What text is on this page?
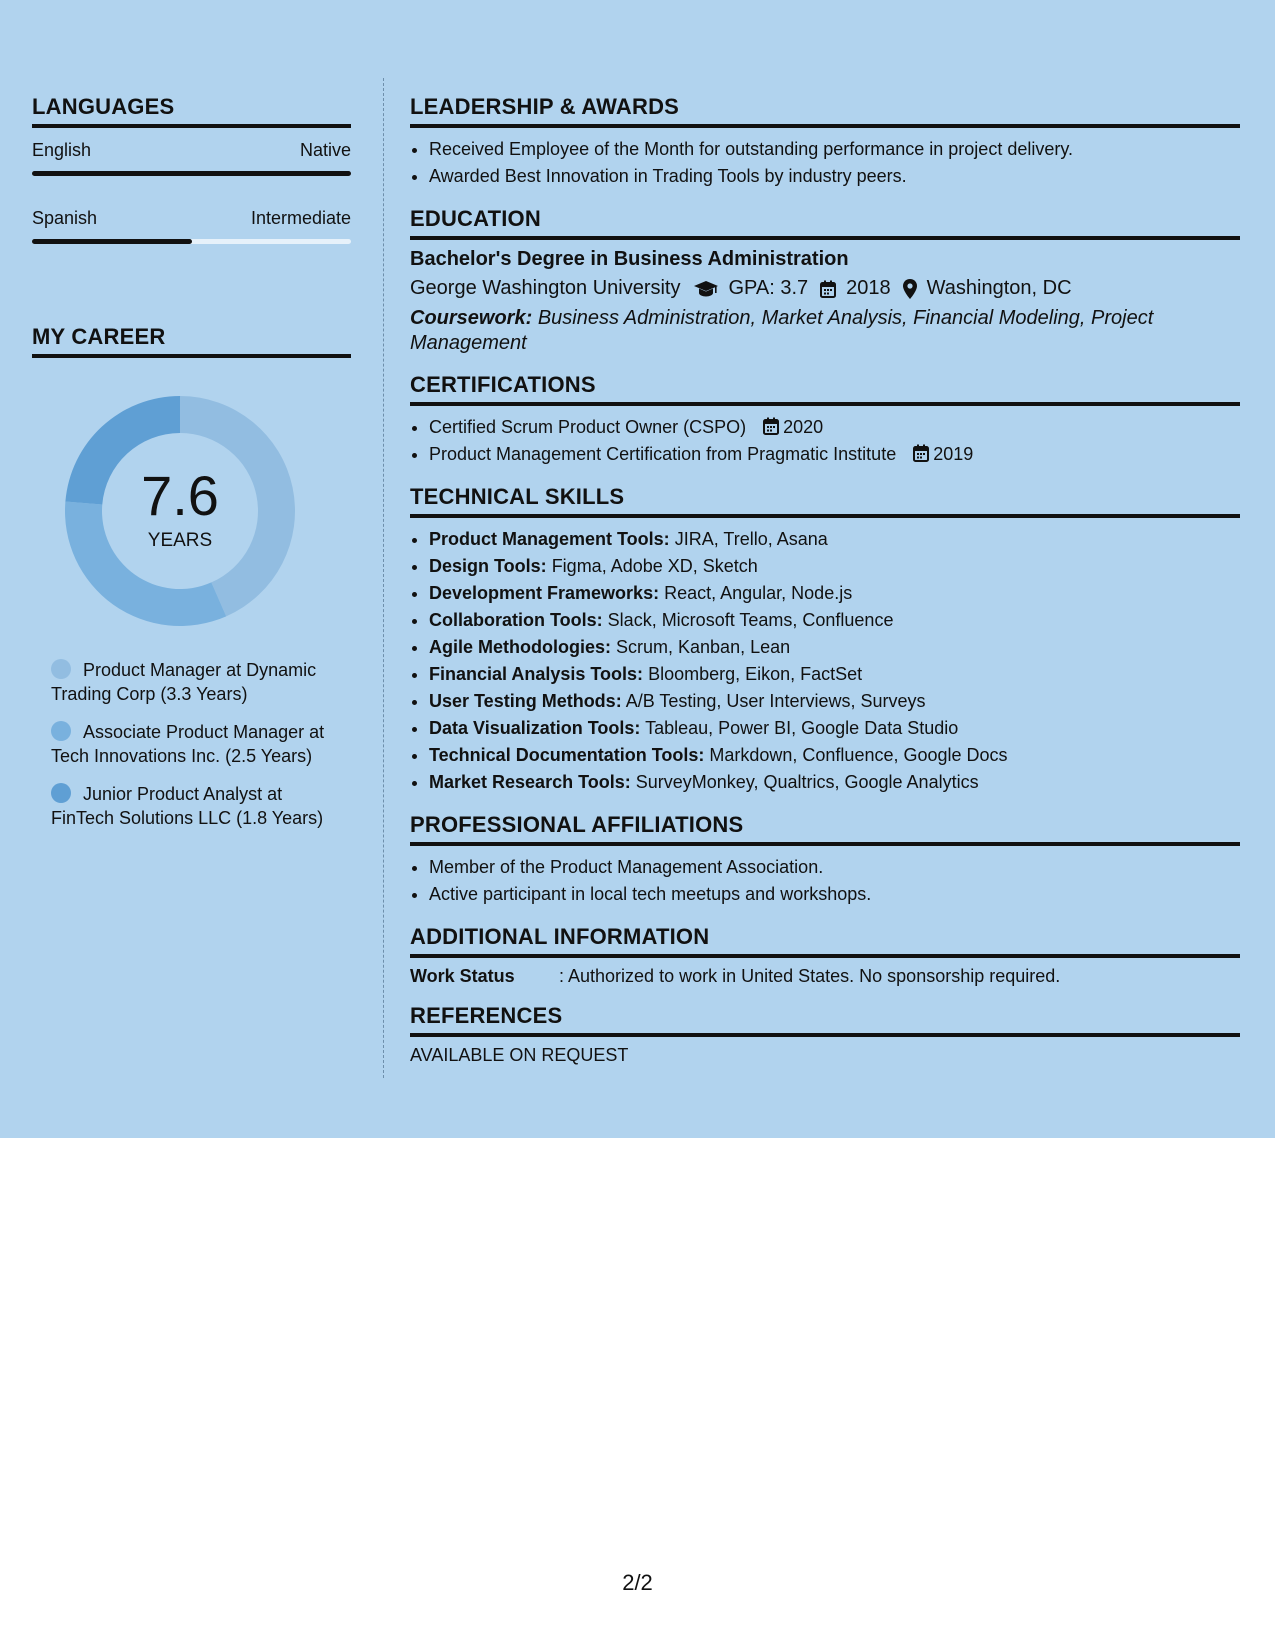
LANGUAGES
English	Native
Spanish	Intermediate
MY CAREER
7.6
YEARS
Product Manager at Dynamic Trading Corp (3.3 Years)
Associate Product Manager at Tech Innovations Inc. (2.5 Years)
Junior Product Analyst at FinTech Solutions LLC (1.8 Years)
LEADERSHIP & AWARDS
• Received Employee of the Month for outstanding performance in project delivery.
• Awarded Best Innovation in Trading Tools by industry peers.
EDUCATION
Bachelor's Degree in Business Administration
George Washington University GPA: 3.7 2018 Washington, DC
Coursework: Business Administration, Market Analysis, Financial Modeling, Project Management
CERTIFICATIONS
• Certified Scrum Product Owner (CSPO) 2020
• Product Management Certification from Pragmatic Institute 2019
TECHNICAL SKILLS
• Product Management Tools: JIRA, Trello, Asana
• Design Tools: Figma, Adobe XD, Sketch
• Development Frameworks: React, Angular, Node.js
• Collaboration Tools: Slack, Microsoft Teams, Confluence
• Agile Methodologies: Scrum, Kanban, Lean
• Financial Analysis Tools: Bloomberg, Eikon, FactSet
• User Testing Methods: A/B Testing, User Interviews, Surveys
• Data Visualization Tools: Tableau, Power BI, Google Data Studio
• Technical Documentation Tools: Markdown, Confluence, Google Docs
• Market Research Tools: SurveyMonkey, Qualtrics, Google Analytics
PROFESSIONAL AFFILIATIONS
• Member of the Product Management Association.
• Active participant in local tech meetups and workshops.
ADDITIONAL INFORMATION
Work Status	: Authorized to work in United States. No sponsorship required.
REFERENCES
AVAILABLE ON REQUEST
2/2
